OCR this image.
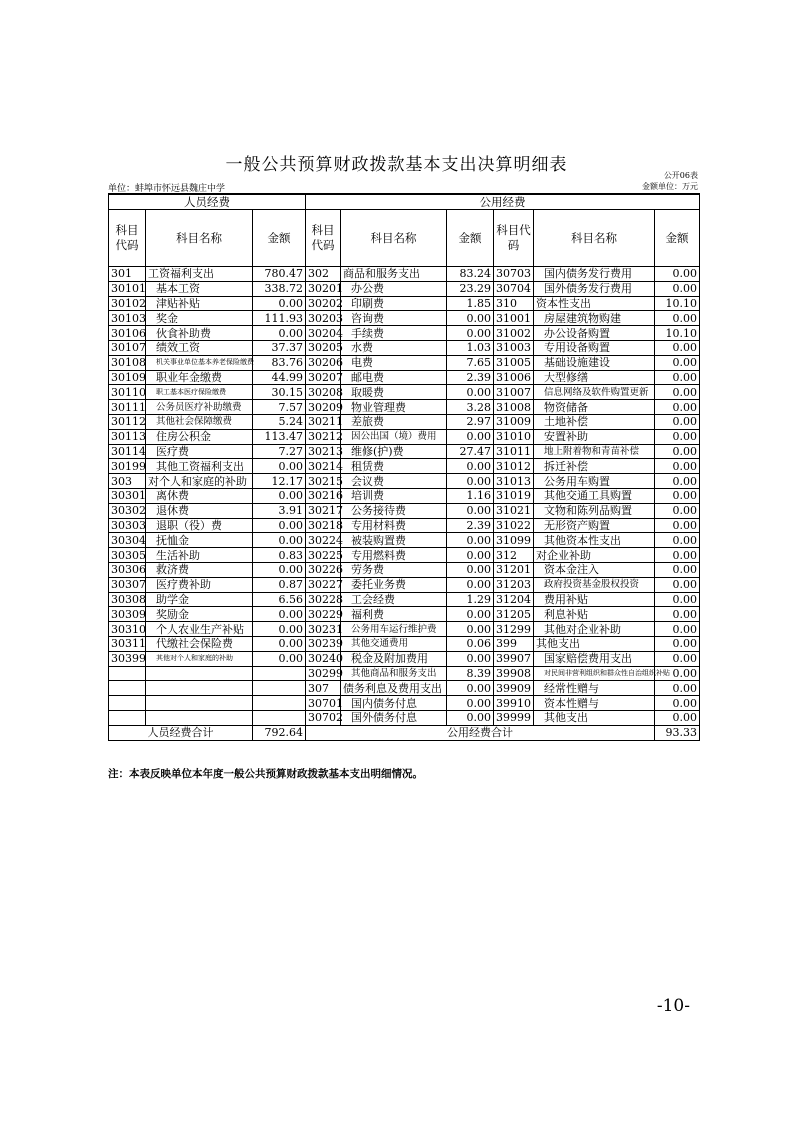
一般公共预算财政拨款基本支出决算明细表
公开06表
单位：蚌埠市怀远县魏庄中学	金额单位：万元
人员经费			公用经费					
科目代码	科目名称	金额	科目代码	科目名称	金额	科目代码	科目名称	金额
301	工资福利支出	780.47	302	商品和服务支出	83.24	30703	国内债务发行费用	0.00
30101	基本工资	338.72	30201	办公费	23.29	30704	国外债务发行费用	0.00
30102	津贴补贴	0.00	30202	印刷费	1.85	310	资本性支出	10.10
30103	奖金	111.93	30203	咨询费	0.00	31001	房屋建筑物购建	0.00
30106	伙食补助费	0.00	30204	手续费	0.00	31002	办公设备购置	10.10
30107	绩效工资	37.37	30205	水费	1.03	31003	专用设备购置	0.00
30108	机关事业单位基本养老保险缴费	83.76	30206	电费	7.65	31005	基础设施建设	0.00
30109	职业年金缴费	44.99	30207	邮电费	2.39	31006	大型修缮	0.00
30110	职工基本医疗保险缴费	30.15	30208	取暖费	0.00	31007	信息网络及软件购置更新	0.00
30111	公务员医疗补助缴费	7.57	30209	物业管理费	3.28	31008	物资储备	0.00
30112	其他社会保障缴费	5.24	30211	差旅费	2.97	31009	土地补偿	0.00
30113	住房公积金	113.47	30212	因公出国（境）费用	0.00	31010	安置补助	0.00
30114	医疗费	7.27	30213	维修(护)费	27.47	31011	地上附着物和青苗补偿	0.00
30199	其他工资福利支出	0.00	30214	租赁费	0.00	31012	拆迁补偿	0.00
303	对个人和家庭的补助	12.17	30215	会议费	0.00	31013	公务用车购置	0.00
30301	离休费	0.00	30216	培训费	1.16	31019	其他交通工具购置	0.00
30302	退休费	3.91	30217	公务接待费	0.00	31021	文物和陈列品购置	0.00
30303	退职（役）费	0.00	30218	专用材料费	2.39	31022	无形资产购置	0.00
30304	抚恤金	0.00	30224	被装购置费	0.00	31099	其他资本性支出	0.00
30305	生活补助	0.83	30225	专用燃料费	0.00	312	对企业补助	0.00
30306	救济费	0.00	30226	劳务费	0.00	31201	资本金注入	0.00
30307	医疗费补助	0.87	30227	委托业务费	0.00	31203	政府投资基金股权投资	0.00
30308	助学金	6.56	30228	工会经费	1.29	31204	费用补贴	0.00
30309	奖励金	0.00	30229	福利费	0.00	31205	利息补贴	0.00
30310	个人农业生产补贴	0.00	30231	公务用车运行维护费	0.00	31299	其他对企业补助	0.00
30311	代缴社会保险费	0.00	30239	其他交通费用	0.06	399	其他支出	0.00
30399	其他对个人和家庭的补助	0.00	30240	税金及附加费用	0.00	39907	国家赔偿费用支出	0.00
			30299	其他商品和服务支出	8.39	39908	对民间非营利组织和群众性自治组织补贴	0.00
			307	债务利息及费用支出	0.00	39909	经常性赠与	0.00
			30701	国内债务付息	0.00	39910	资本性赠与	0.00
			30702	国外债务付息	0.00	39999	其他支出	0.00
人员经费合计		792.64	公用经费合计					93.33
注：本表反映单位本年度一般公共预算财政拨款基本支出明细情况。
-10-
